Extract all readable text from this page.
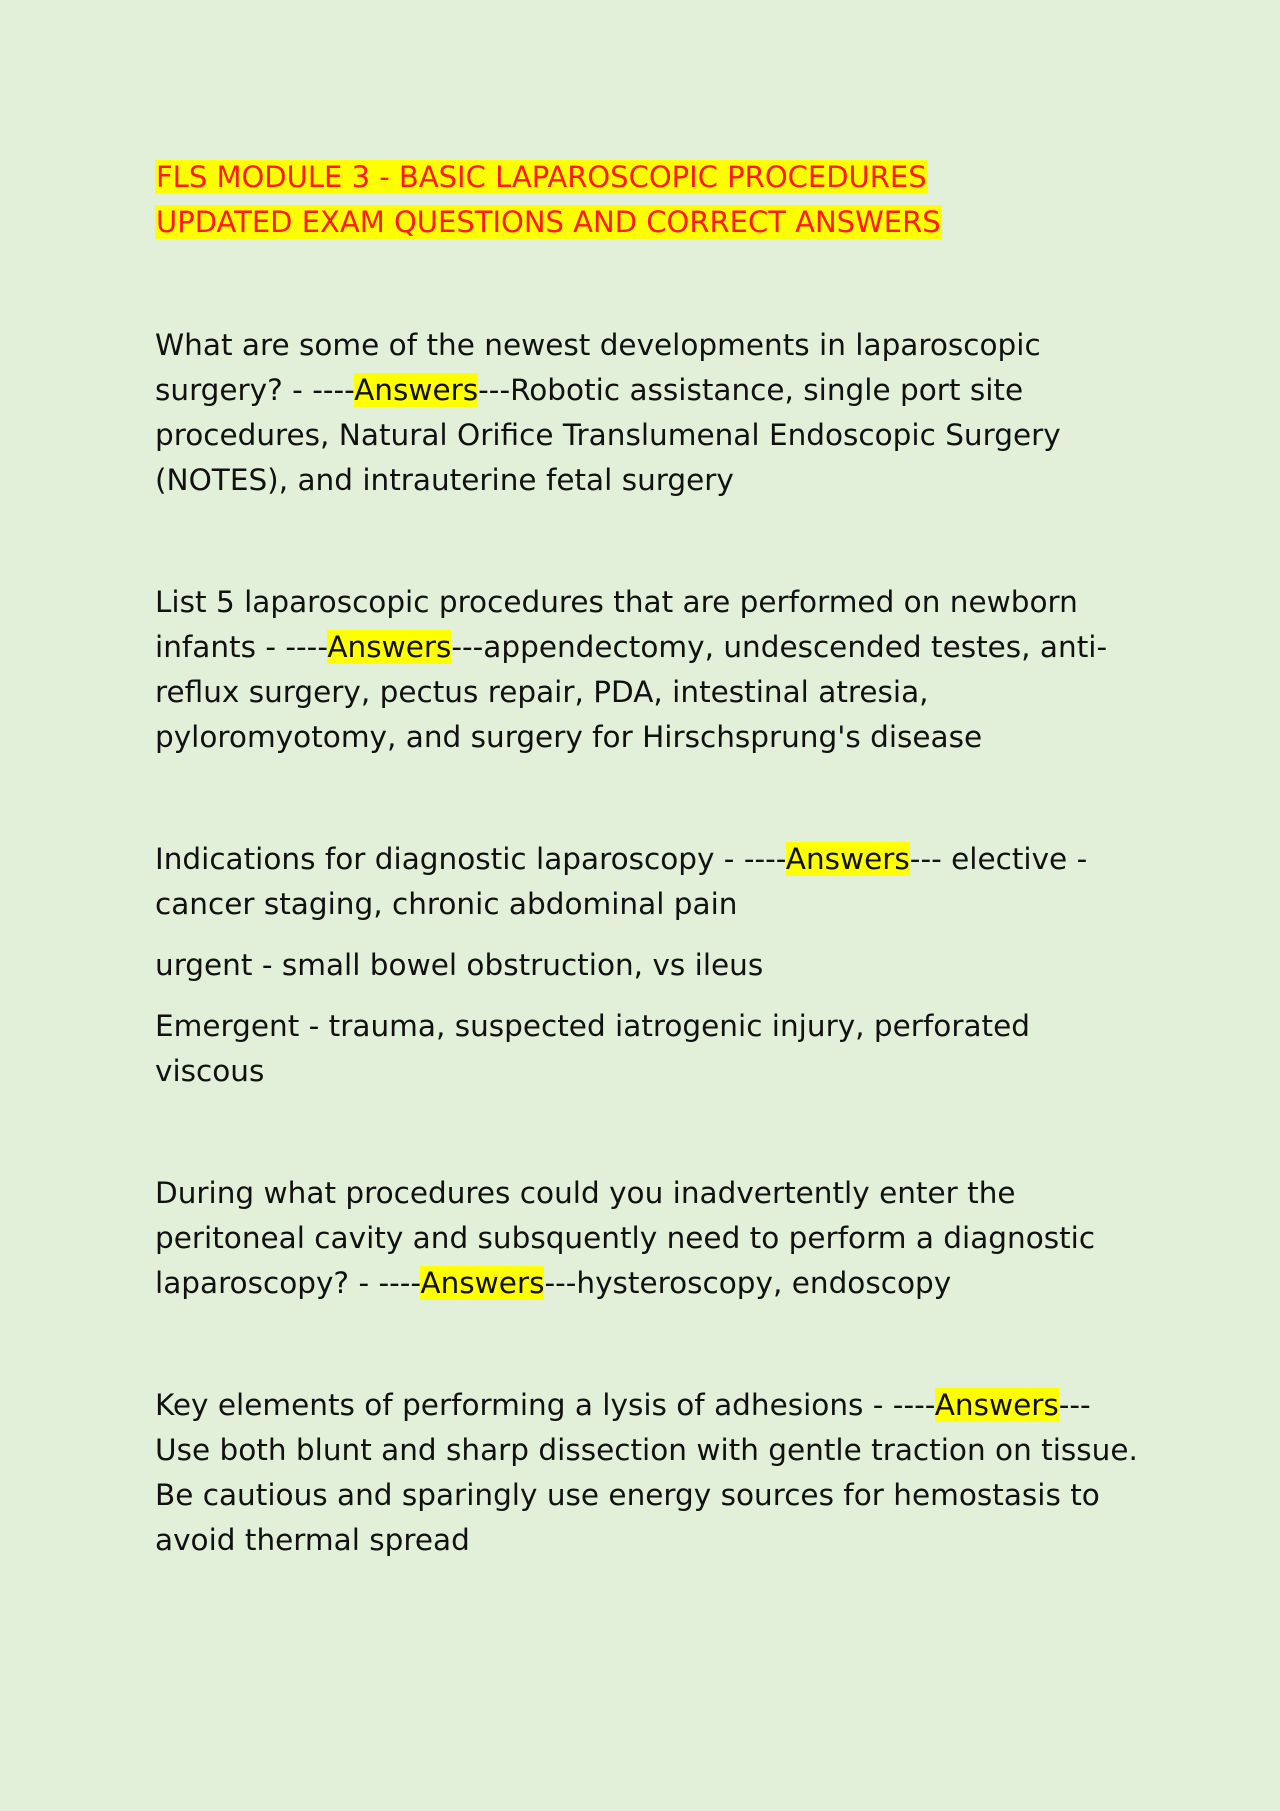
FLS MODULE 3 - BASIC LAPAROSCOPIC PROCEDURES
UPDATED EXAM QUESTIONS AND CORRECT ANSWERS

What are some of the newest developments in laparoscopic surgery? - ----Answers---Robotic assistance, single port site procedures, Natural Orifice Translumenal Endoscopic Surgery (NOTES), and intrauterine fetal surgery

List 5 laparoscopic procedures that are performed on newborn infants - ----Answers---appendectomy, undescended testes, anti-reflux surgery, pectus repair, PDA, intestinal atresia, pyloromyotomy, and surgery for Hirschsprung's disease

Indications for diagnostic laparoscopy - ----Answers--- elective - cancer staging, chronic abdominal pain

urgent - small bowel obstruction, vs ileus

Emergent - trauma, suspected iatrogenic injury, perforated viscous

During what procedures could you inadvertently enter the peritoneal cavity and subsquently need to perform a diagnostic laparoscopy? - ----Answers---hysteroscopy, endoscopy

Key elements of performing a lysis of adhesions - ----Answers---Use both blunt and sharp dissection with gentle traction on tissue. Be cautious and sparingly use energy sources for hemostasis to avoid thermal spread
